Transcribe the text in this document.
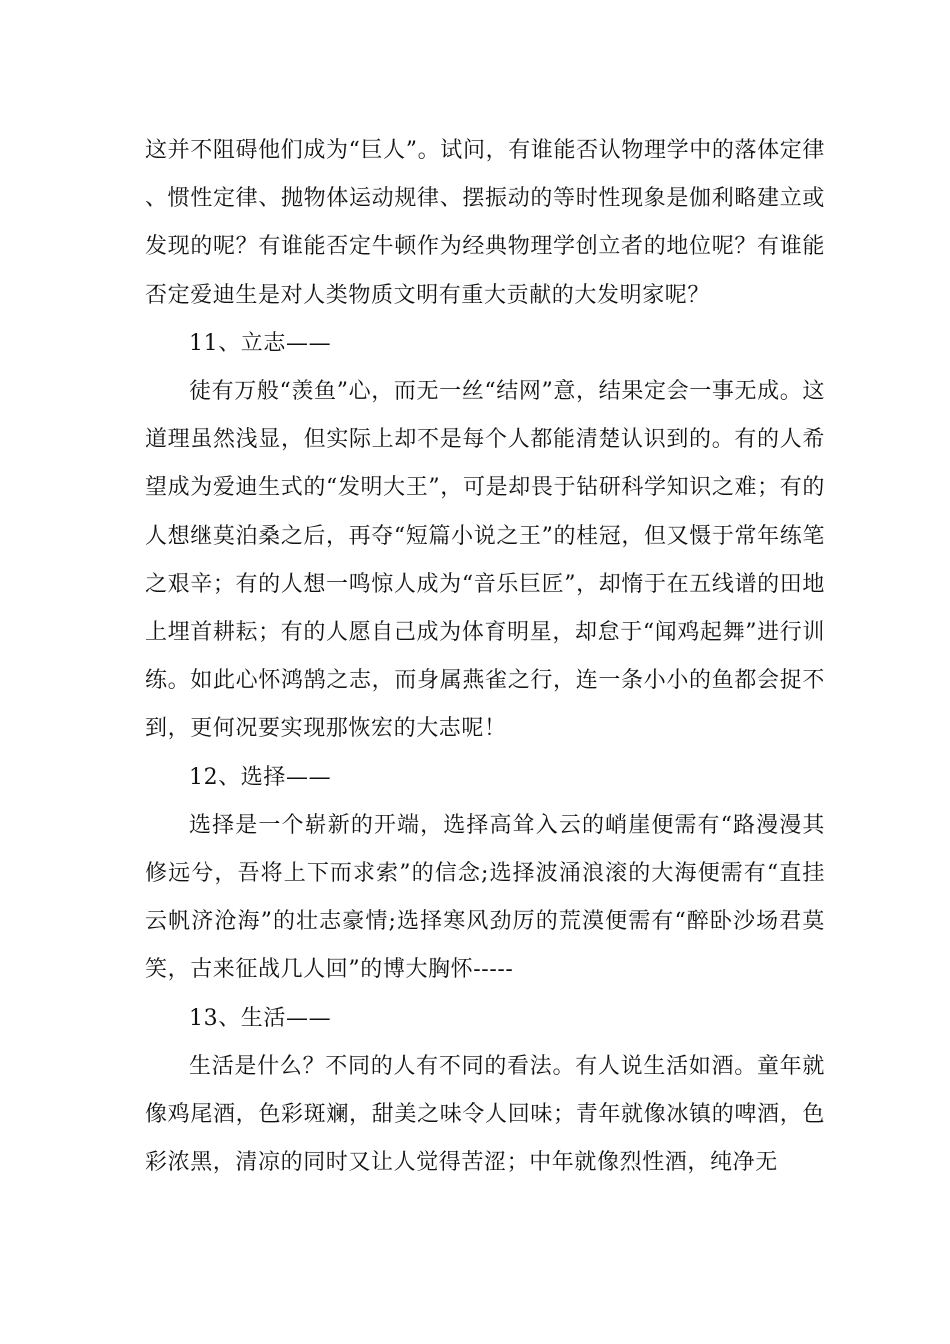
这并不阻碍他们成为“巨人”。试问，有谁能否认物理学中的落体定律、惯性定律、抛物体运动规律、摆振动的等时性现象是伽利略建立或发现的呢？有谁能否定牛顿作为经典物理学创立者的地位呢？有谁能否定爱迪生是对人类物质文明有重大贡献的大发明家呢？

11、立志——

徒有万般“羡鱼”心，而无一丝“结网”意，结果定会一事无成。这道理虽然浅显，但实际上却不是每个人都能清楚认识到的。有的人希望成为爱迪生式的“发明大王”，可是却畏于钻研科学知识之难；有的人想继莫泊桑之后，再夺“短篇小说之王”的桂冠，但又慑于常年练笔之艰辛；有的人想一鸣惊人成为“音乐巨匠”，却惰于在五线谱的田地上埋首耕耘；有的人愿自己成为体育明星，却怠于“闻鸡起舞”进行训练。如此心怀鸿鹄之志，而身属燕雀之行，连一条小小的鱼都会捉不到，更何况要实现那恢宏的大志呢！

12、选择——

选择是一个崭新的开端，选择高耸入云的峭崖便需有“路漫漫其修远兮，吾将上下而求索”的信念;选择波涌浪滚的大海便需有“直挂云帆济沧海”的壮志豪情;选择寒风劲厉的荒漠便需有“醉卧沙场君莫笑，古来征战几人回”的博大胸怀-----

13、生活——

生活是什么？不同的人有不同的看法。有人说生活如酒。童年就像鸡尾酒，色彩斑斓，甜美之味令人回味；青年就像冰镇的啤酒，色彩浓黑，清凉的同时又让人觉得苦涩；中年就像烈性酒，纯净无
